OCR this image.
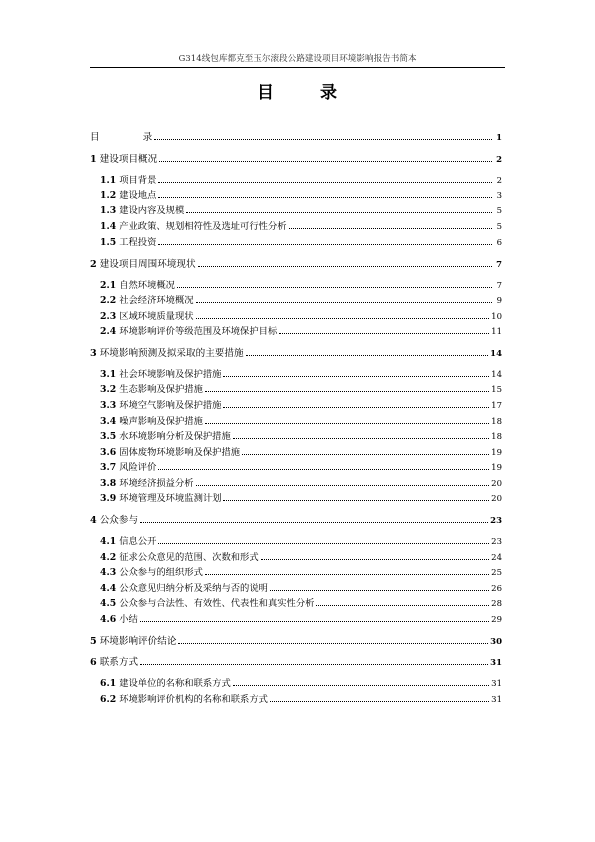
G314线包库都克至玉尔滚段公路建设项目环境影响报告书简本
目	录
目	录	1
1 建设项目概况	2
1.1 项目背景	2
1.2 建设地点	3
1.3 建设内容及规模	5
1.4 产业政策、规划相符性及选址可行性分析	5
1.5 工程投资	6
2 建设项目周围环境现状	7
2.1 自然环境概况	7
2.2 社会经济环境概况	9
2.3 区域环境质量现状	10
2.4 环境影响评价等级范围及环境保护目标	11
3 环境影响预测及拟采取的主要措施	14
3.1 社会环境影响及保护措施	14
3.2 生态影响及保护措施	15
3.3 环境空气影响及保护措施	17
3.4 噪声影响及保护措施	18
3.5 水环境影响分析及保护措施	18
3.6 固体废物环境影响及保护措施	19
3.7 风险评价	19
3.8 环境经济损益分析	20
3.9 环境管理及环境监测计划	20
4 公众参与	23
4.1 信息公开	23
4.2 征求公众意见的范围、次数和形式	24
4.3 公众参与的组织形式	25
4.4 公众意见归纳分析及采纳与否的说明	26
4.5 公众参与合法性、有效性、代表性和真实性分析	28
4.6 小结	29
5 环境影响评价结论	30
6 联系方式	31
6.1 建设单位的名称和联系方式	31
6.2 环境影响评价机构的名称和联系方式	31
